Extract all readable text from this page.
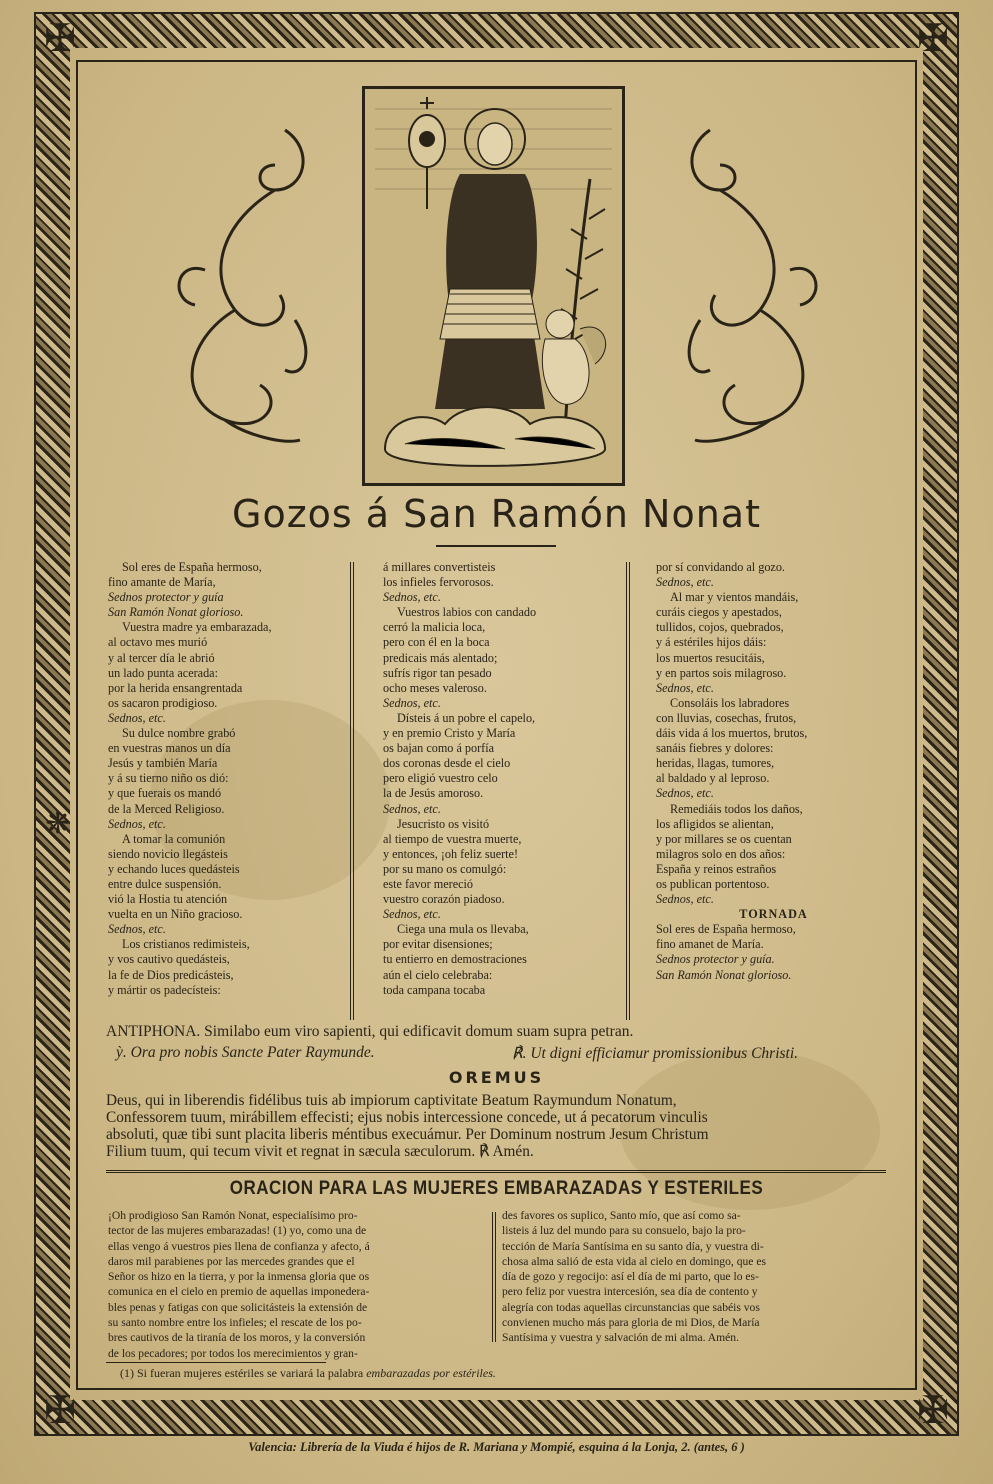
✠	✠
✠	✠
❋
Gozos á San Ramón Nonat
Sol eres de España hermoso,
fino amante de María,
Sednos protector y guía
San Ramón Nonat glorioso.
Vuestra madre ya embarazada,
al octavo mes murió
y al tercer día le abrió
un lado punta acerada:
por la herida ensangrentada
os sacaron prodigioso.
Sednos, etc.
Su dulce nombre grabó
en vuestras manos un día
Jesús y también María
y á su tierno niño os dió:
y que fuerais os mandó
de la Merced Religioso.
Sednos, etc.
A tomar la comunión
siendo novicio llegásteis
y echando luces quedásteis
entre dulce suspensión.
vió la Hostia tu atención
vuelta en un Niño gracioso.
Sednos, etc.
Los cristianos redimisteis,
y vos cautivo quedásteis,
la fe de Dios predicásteis,
y mártir os padecísteis:
á millares convertisteis
los infieles fervorosos.
Sednos, etc.
Vuestros labios con candado
cerró la malicia loca,
pero con él en la boca
predicais más alentado;
sufrís rigor tan pesado
ocho meses valeroso.
Sednos, etc.
Dísteis á un pobre el capelo,
y en premio Cristo y María
os bajan como á porfía
dos coronas desde el cielo
pero eligió vuestro celo
la de Jesús amoroso.
Sednos, etc.
Jesucristo os visitó
al tiempo de vuestra muerte,
y entonces, ¡oh feliz suerte!
por su mano os comulgó:
este favor mereció
vuestro corazón piadoso.
Sednos, etc.
Ciega una mula os llevaba,
por evitar disensiones;
tu entierro en demostraciones
aún el cielo celebraba:
toda campana tocaba
por sí convidando al gozo.
Sednos, etc.
Al mar y vientos mandáis,
curáis ciegos y apestados,
tullidos, cojos, quebrados,
y á estériles hijos dáis:
los muertos resucitáis,
y en partos sois milagroso.
Sednos, etc.
Consoláis los labradores
con lluvias, cosechas, frutos,
dáis vida á los muertos, brutos,
sanáis fiebres y dolores:
heridas, llagas, tumores,
al baldado y al leproso.
Sednos, etc.
Remediáis todos los daños,
los afligidos se alientan,
y por millares se os cuentan
milagros solo en dos años:
España y reinos estraños
os publican portentoso.
Sednos, etc.
TORNADA
Sol eres de España hermoso,
fino amanet de María.
Sednos protector y guía.
San Ramón Nonat glorioso.
ANTIPHONA. Similabo eum viro sapienti, qui edificavit domum suam supra petran.
ỳ. Ora pro nobis Sancte Pater Raymunde.	℟. Ut digni efficiamur promissionibus Christi.
OREMUS
Deus, qui in liberendis fidélibus tuis ab impiorum captivitate Beatum Raymundum Nonatum,
Confessorem tuum, mirábillem effecisti; ejus nobis intercessione concede, ut á pecatorum vinculis
absoluti, quæ tibi sunt placita liberis méntibus execuámur. Per Dominum nostrum Jesum Christum
Filium tuum, qui tecum vivit et regnat in sæcula sæculorum. ℟ Amén.
ORACION PARA LAS MUJERES EMBARAZADAS Y ESTERILES
¡Oh prodigioso San Ramón Nonat, especialísimo pro-
tector de las mujeres embarazadas! (1) yo, como una de
ellas vengo á vuestros pies llena de confianza y afecto, á
daros mil parabienes por las mercedes grandes que el
Señor os hizo en la tierra, y por la inmensa gloria que os
comunica en el cielo en premio de aquellas imponedera-
bles penas y fatigas con que solicitásteis la extensión de
su santo nombre entre los infieles; el rescate de los po-
bres cautivos de la tiranía de los moros, y la conversión
de los pecadores; por todos los merecimientos y gran-
des favores os suplico, Santo mío, que así como sa-
listeis á luz del mundo para su consuelo, bajo la pro-
tección de María Santísima en su santo día, y vuestra di-
chosa alma salió de esta vida al cielo en domingo, que es
día de gozo y regocijo: así el día de mi parto, que lo es-
pero feliz por vuestra intercesión, sea día de contento y
alegría con todas aquellas circunstancias que sabéis vos
convienen mucho más para gloria de mi Dios, de María
Santísima y vuestra y salvación de mi alma. Amén.
(1) Si fueran mujeres estériles se variará la palabra embarazadas por estériles.
Valencia: Librería de la Viuda é hijos de R. Mariana y Mompié, esquina á la Lonja, 2. (antes, 6 )
